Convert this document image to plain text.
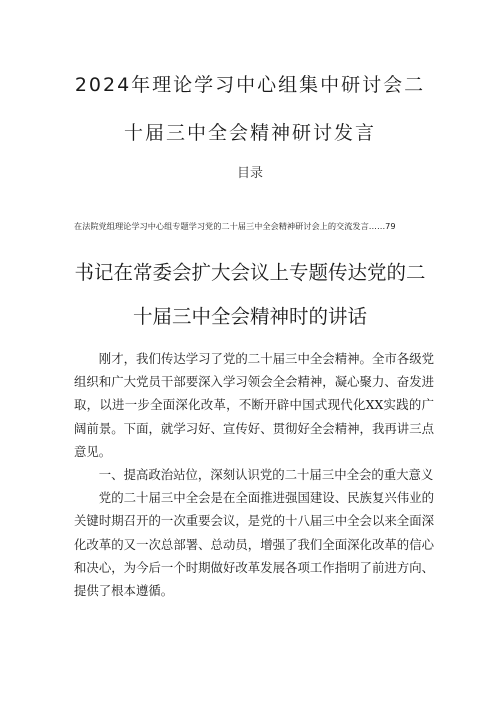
2024年理论学习中心组集中研讨会二
十届三中全会精神研讨发言
目录
在法院党组理论学习中心组专题学习党的二十届三中全会精神研讨会上的交流发言……79
书记在常委会扩大会议上专题传达党的二
十届三中全会精神时的讲话

刚才，我们传达学习了党的二十届三中全会精神。全市各级党组织和广大党员干部要深入学习领会全会精神，凝心聚力、奋发进取，以进一步全面深化改革，不断开辟中国式现代化XX实践的广阔前景。下面，就学习好、宣传好、贯彻好全会精神，我再讲三点意见。

一、提高政治站位，深刻认识党的二十届三中全会的重大意义

党的二十届三中全会是在全面推进强国建设、民族复兴伟业的关键时期召开的一次重要会议，是党的十八届三中全会以来全面深化改革的又一次总部署、总动员，增强了我们全面深化改革的信心和决心，为今后一个时期做好改革发展各项工作指明了前进方向、提供了根本遵循。
